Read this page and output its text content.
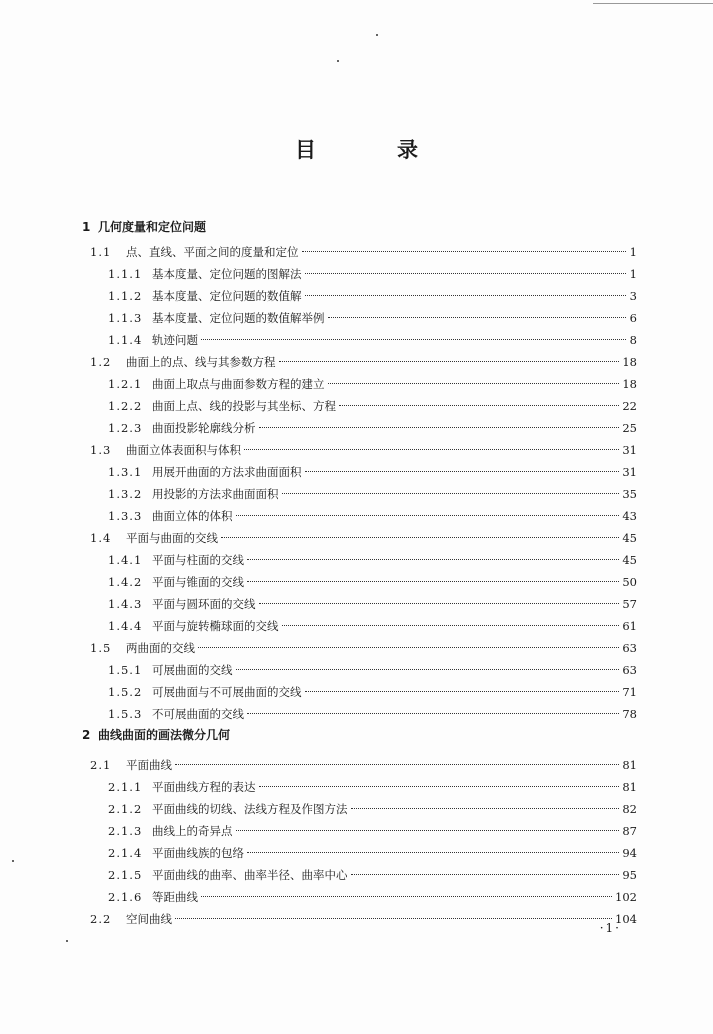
目　录
1 几何度量和定位问题
2 曲线曲面的画法微分几何
1.1	点、直线、平面之间的度量和定位	1
1.1.1 基本度量、定位问题的图解法	1
1.1.2 基本度量、定位问题的数值解	3
1.1.3 基本度量、定位问题的数值解举例	6
1.1.4 轨迹问题	8
1.2	曲面上的点、线与其参数方程	18
1.2.1 曲面上取点与曲面参数方程的建立	18
1.2.2 曲面上点、线的投影与其坐标、方程	22
1.2.3 曲面投影轮廓线分析	25
1.3	曲面立体表面积与体积	31
1.3.1 用展开曲面的方法求曲面面积	31
1.3.2 用投影的方法求曲面面积	35
1.3.3 曲面立体的体积	43
1.4	平面与曲面的交线	45
1.4.1 平面与柱面的交线	45
1.4.2 平面与锥面的交线	50
1.4.3 平面与圆环面的交线	57
1.4.4 平面与旋转椭球面的交线	61
1.5	两曲面的交线	63
1.5.1 可展曲面的交线	63
1.5.2 可展曲面与不可展曲面的交线	71
1.5.3 不可展曲面的交线	78
2.1	平面曲线	81
2.1.1 平面曲线方程的表达	81
2.1.2 平面曲线的切线、法线方程及作图方法	82
2.1.3 曲线上的奇异点	87
2.1.4 平面曲线族的包络	94
2.1.5 平面曲线的曲率、曲率半径、曲率中心	95
2.1.6 等距曲线	102
2.2	空间曲线	104
·1·
